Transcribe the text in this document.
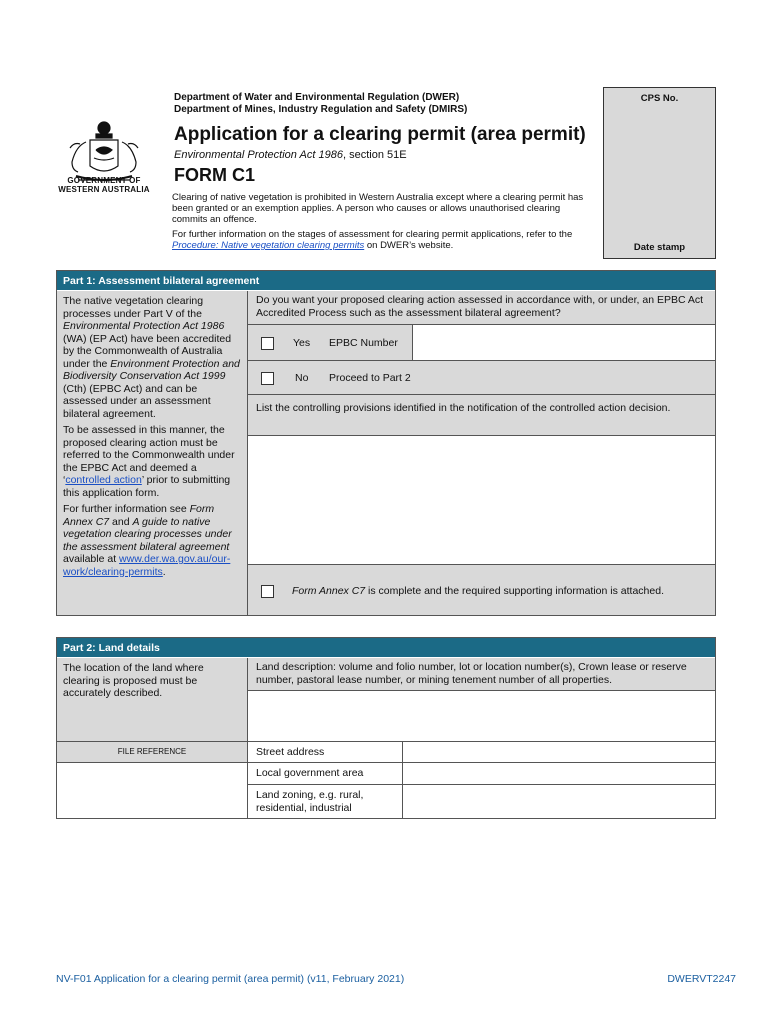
GOVERNMENT OF
WESTERN AUSTRALIA
Department of Water and Environmental Regulation (DWER)
Department of Mines, Industry Regulation and Safety (DMIRS)
Application for a clearing permit (area permit)
Environmental Protection Act 1986, section 51E
FORM C1

Clearing of native vegetation is prohibited in Western Australia except where a clearing permit has been granted or an exemption applies. A person who causes or allows unauthorised clearing commits an offence.

For further information on the stages of assessment for clearing permit applications, refer to the Procedure: Native vegetation clearing permits on DWER’s website.

CPS No.
Date stamp
Part 1: Assessment bilateral agreement

The native vegetation clearing processes under Part V of the Environmental Protection Act 1986 (WA) (EP Act) have been accredited by the Commonwealth of Australia under the Environment Protection and Biodiversity Conservation Act 1999 (Cth) (EPBC Act) and can be assessed under an assessment bilateral agreement.

To be assessed in this manner, the proposed clearing action must be referred to the Commonwealth under the EPBC Act and deemed a ‘controlled action’ prior to submitting this application form.

For further information see Form Annex C7 and A guide to native vegetation clearing processes under the assessment bilateral agreement available at www.der.wa.gov.au/our-work/clearing-permits.

Do you want your proposed clearing action assessed in accordance with, or under, an EPBC Act Accredited Process such as the assessment bilateral agreement?
Yes EPBC Number
No Proceed to Part 2
List the controlling provisions identified in the notification of the controlled action decision.
Form Annex C7 is complete and the required supporting information is attached.
Part 2: Land details
The location of the land where clearing is proposed must be accurately described.
Land description: volume and folio number, lot or location number(s), Crown lease or reserve number, pastoral lease number, or mining tenement number of all properties.
FILE REFERENCE	Street address
Local government area
Land zoning, e.g. rural, residential, industrial
NV-F01 Application for a clearing permit (area permit) (v11, February 2021)	DWERVT2247
